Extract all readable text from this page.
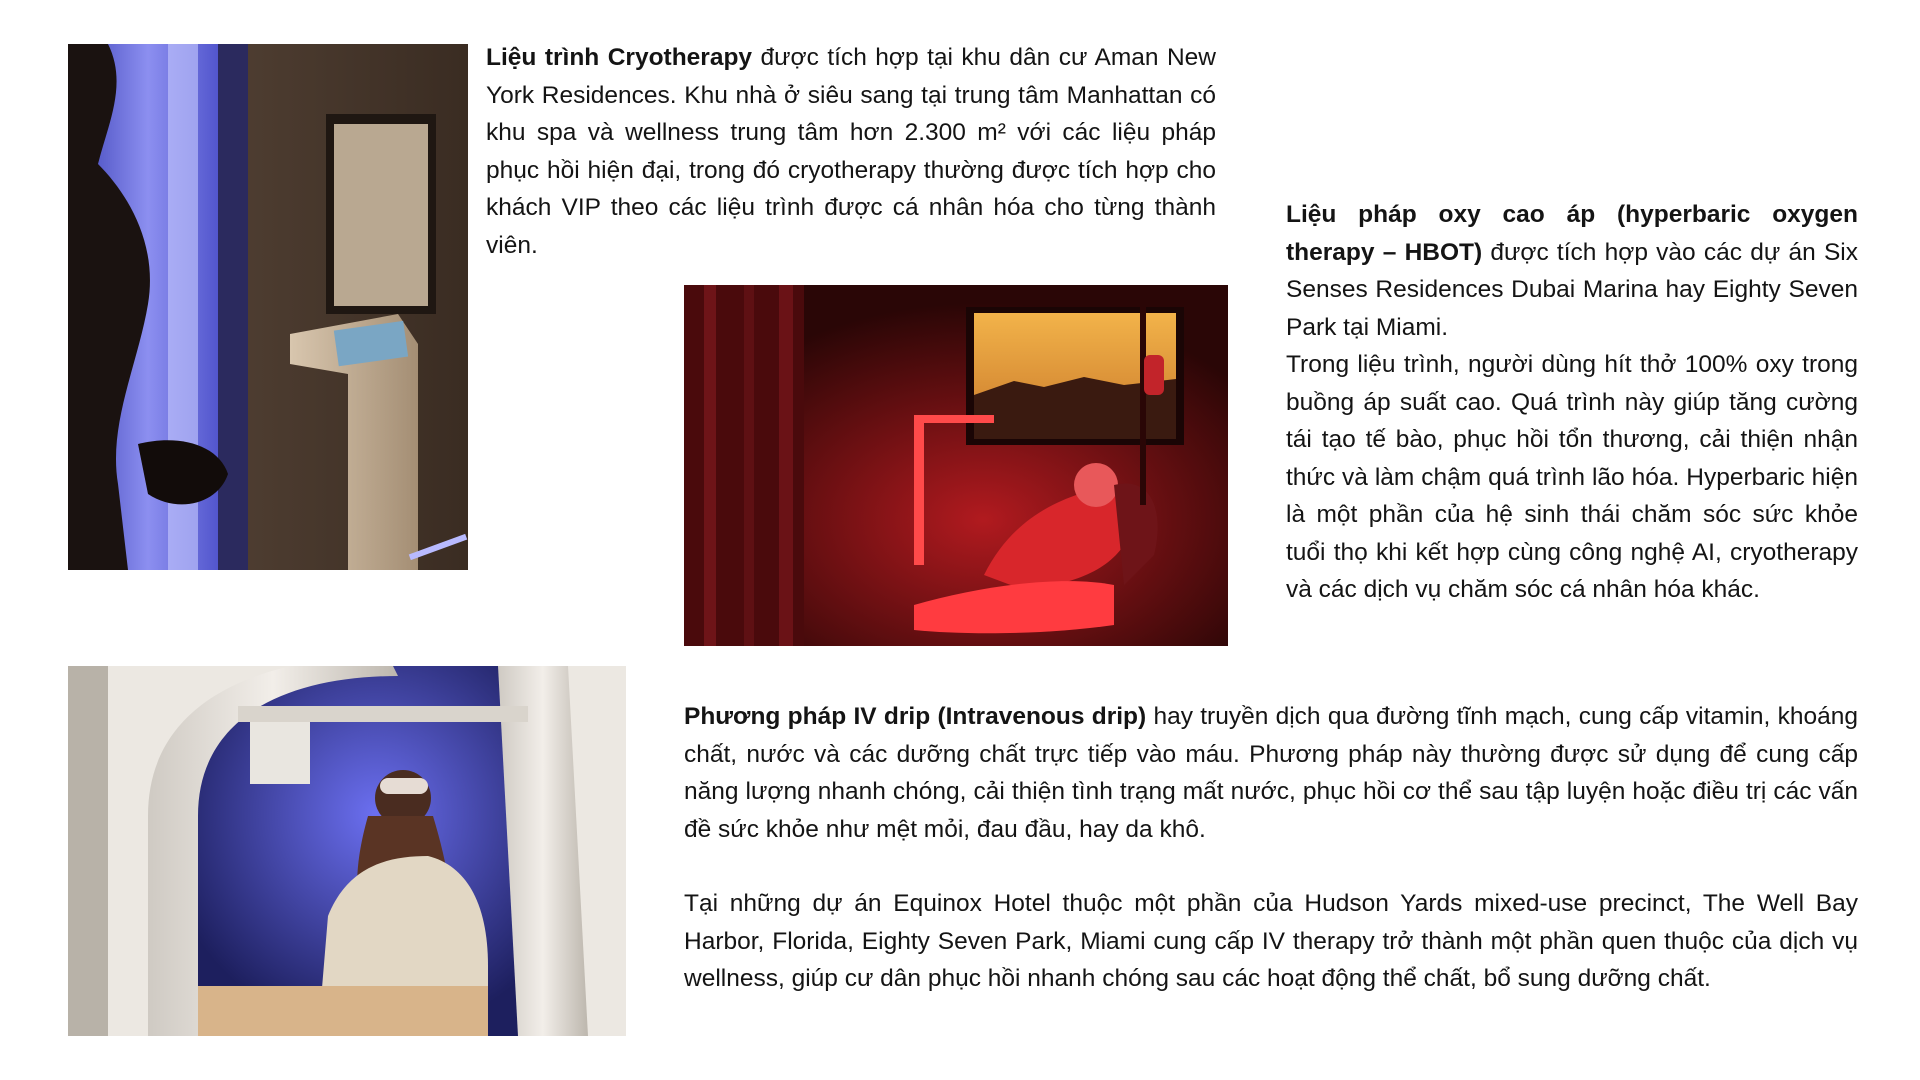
Liệu trình Cryotherapy được tích hợp tại khu dân cư Aman New York Residences. Khu nhà ở siêu sang tại trung tâm Manhattan có khu spa và wellness trung tâm hơn 2.300 m² với các liệu pháp phục hồi hiện đại, trong đó cryotherapy thường được tích hợp cho khách VIP theo các liệu trình được cá nhân hóa cho từng thành viên.

Liệu pháp oxy cao áp (hyperbaric oxygen therapy – HBOT) được tích hợp vào các dự án Six Senses Residences Dubai Marina hay Eighty Seven Park tại Miami.

Trong liệu trình, người dùng hít thở 100% oxy trong buồng áp suất cao. Quá trình này giúp tăng cường tái tạo tế bào, phục hồi tổn thương, cải thiện nhận thức và làm chậm quá trình lão hóa. Hyperbaric hiện là một phần của hệ sinh thái chăm sóc sức khỏe tuổi thọ khi kết hợp cùng công nghệ AI, cryotherapy và các dịch vụ chăm sóc cá nhân hóa khác.

Phương pháp IV drip (Intravenous drip) hay truyền dịch qua đường tĩnh mạch, cung cấp vitamin, khoáng chất, nước và các dưỡng chất trực tiếp vào máu. Phương pháp này thường được sử dụng để cung cấp năng lượng nhanh chóng, cải thiện tình trạng mất nước, phục hồi cơ thể sau tập luyện hoặc điều trị các vấn đề sức khỏe như mệt mỏi, đau đầu, hay da khô.

Tại những dự án Equinox Hotel thuộc một phần của Hudson Yards mixed-use precinct, The Well Bay Harbor, Florida, Eighty Seven Park, Miami cung cấp IV therapy trở thành một phần quen thuộc của dịch vụ wellness, giúp cư dân phục hồi nhanh chóng sau các hoạt động thể chất, bổ sung dưỡng chất.
